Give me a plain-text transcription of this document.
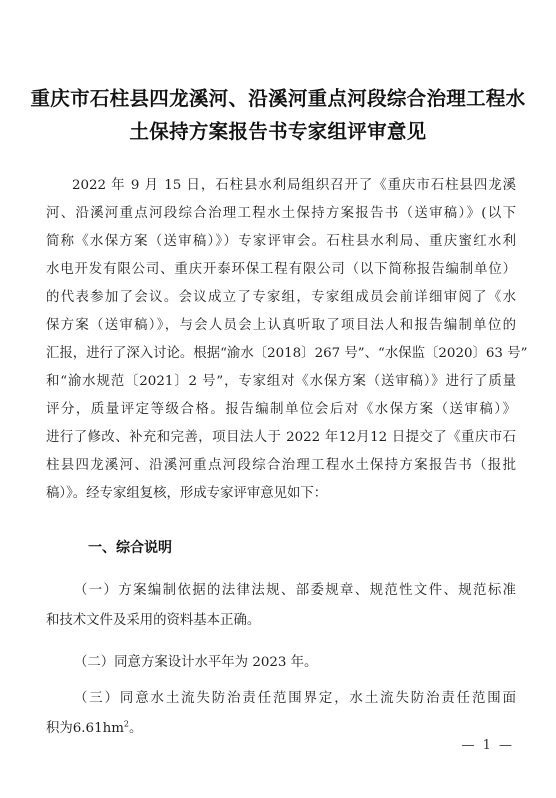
重庆市石柱县四龙溪河、沿溪河重点河段综合治理工程水
土保持方案报告书专家组评审意见
2022 年 9 月 15 日，石柱县水利局组织召开了《重庆市石柱县四龙溪
河、沿溪河重点河段综合治理工程水土保持方案报告书（送审稿）》(以下
简称《水保方案（送审稿）》）专家评审会。石柱县水利局、重庆蜜红水利
水电开发有限公司、重庆开泰环保工程有限公司（以下简称报告编制单位）
的代表参加了会议。会议成立了专家组，专家组成员会前详细审阅了《水
保方案（送审稿）》，与会人员会上认真听取了项目法人和报告编制单位的
汇报，进行了深入讨论。根据“渝水〔2018〕267 号”、“水保监〔2020〕63 号”
和“渝水规范〔2021〕2 号”，专家组对《水保方案（送审稿）》进行了质量
评分，质量评定等级合格。报告编制单位会后对《水保方案（送审稿）》
进行了修改、补充和完善，项目法人于 2022 年12月12 日提交了《重庆市石
柱县四龙溪河、沿溪河重点河段综合治理工程水土保持方案报告书（报批
稿）》。经专家组复核，形成专家评审意见如下：
一、综合说明
（一）方案编制依据的法律法规、部委规章、规范性文件、规范标准
和技术文件及采用的资料基本正确。
（二）同意方案设计水平年为 2023 年。
（三）同意水土流失防治责任范围界定，水土流失防治责任范围面
积为$6.61hm^2$。
— 1 —
